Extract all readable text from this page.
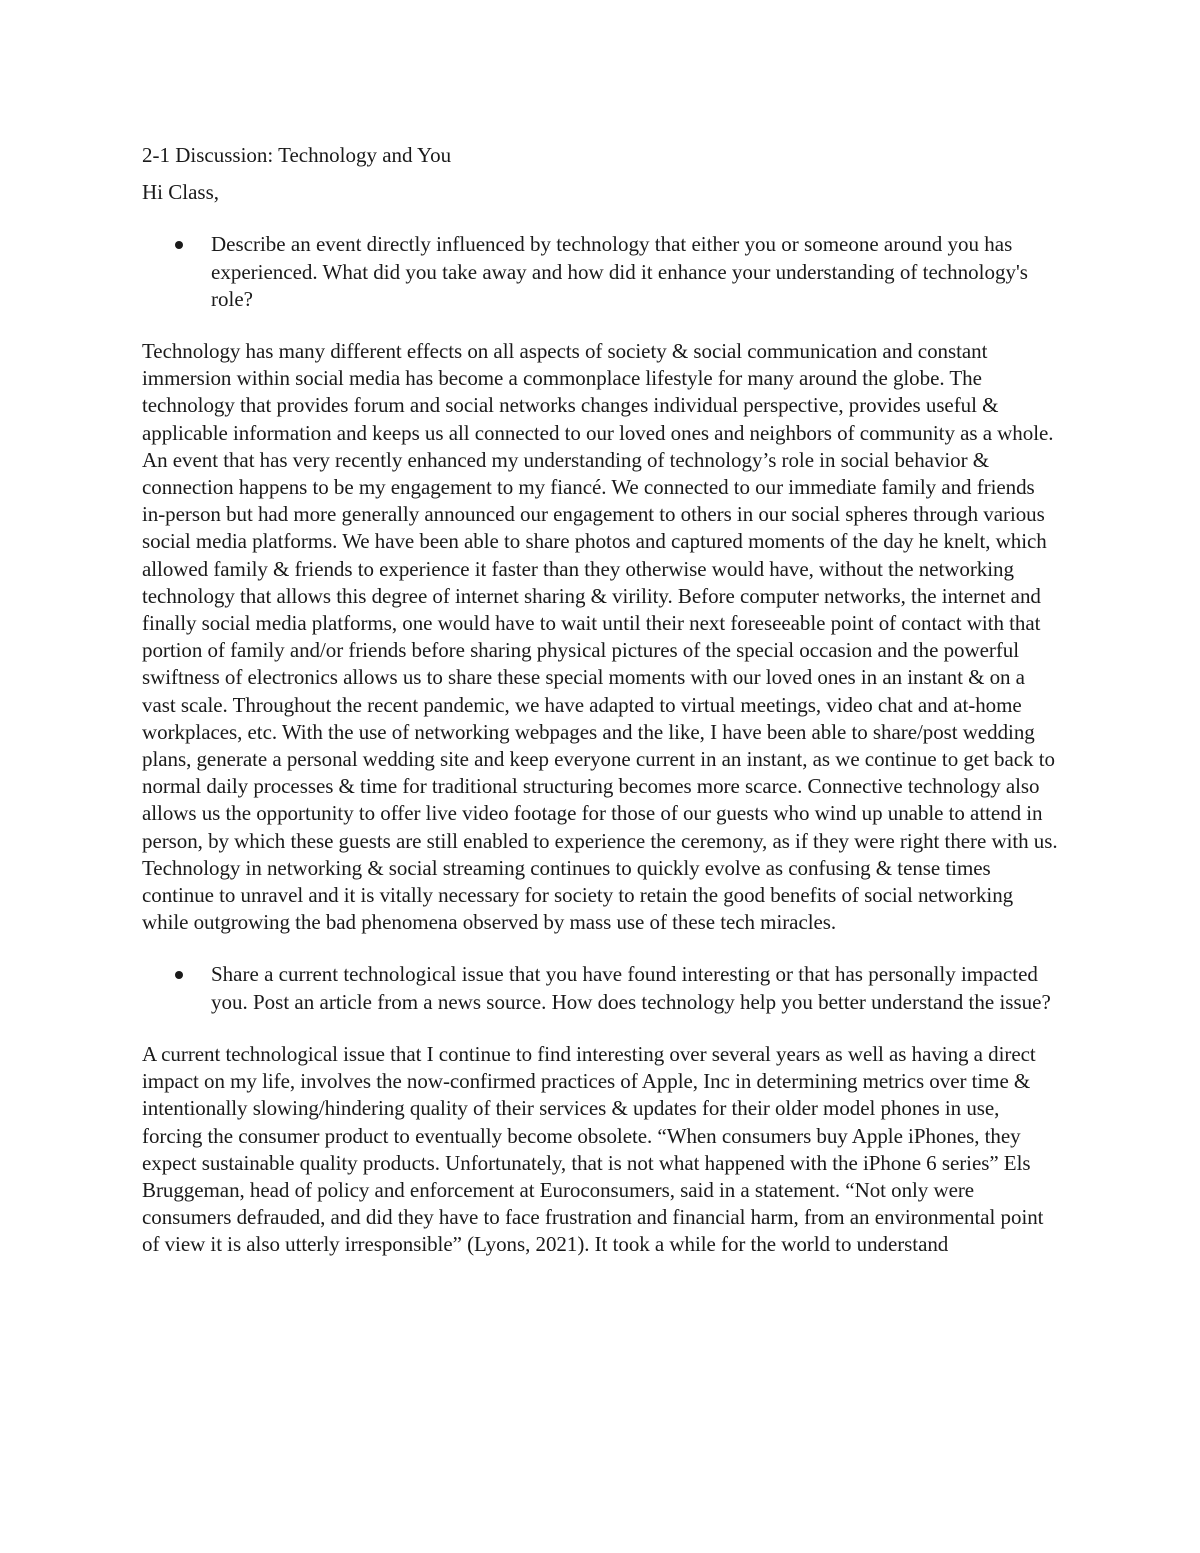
2-1 Discussion: Technology and You

Hi Class,

Describe an event directly influenced by technology that either you or someone around you has experienced. What did you take away and how did it enhance your understanding of technology's role?

Technology has many different effects on all aspects of society & social communication and constant immersion within social media has become a commonplace lifestyle for many around the globe. The technology that provides forum and social networks changes individual perspective, provides useful & applicable information and keeps us all connected to our loved ones and neighbors of community as a whole. An event that has very recently enhanced my understanding of technology’s role in social behavior & connection happens to be my engagement to my fiancé. We connected to our immediate family and friends in-person but had more generally announced our engagement to others in our social spheres through various social media platforms. We have been able to share photos and captured moments of the day he knelt, which allowed family & friends to experience it faster than they otherwise would have, without the networking technology that allows this degree of internet sharing & virility. Before computer networks, the internet and finally social media platforms, one would have to wait until their next foreseeable point of contact with that portion of family and/or friends before sharing physical pictures of the special occasion and the powerful swiftness of electronics allows us to share these special moments with our loved ones in an instant & on a vast scale. Throughout the recent pandemic, we have adapted to virtual meetings, video chat and at-home workplaces, etc. With the use of networking webpages and the like, I have been able to share/post wedding plans, generate a personal wedding site and keep everyone current in an instant, as we continue to get back to normal daily processes & time for traditional structuring becomes more scarce. Connective technology also allows us the opportunity to offer live video footage for those of our guests who wind up unable to attend in person, by which these guests are still enabled to experience the ceremony, as if they were right there with us. Technology in networking & social streaming continues to quickly evolve as confusing & tense times continue to unravel and it is vitally necessary for society to retain the good benefits of social networking while outgrowing the bad phenomena observed by mass use of these tech miracles.

Share a current technological issue that you have found interesting or that has personally impacted you. Post an article from a news source. How does technology help you better understand the issue?

A current technological issue that I continue to find interesting over several years as well as having a direct impact on my life, involves the now-confirmed practices of Apple, Inc in determining metrics over time & intentionally slowing/hindering quality of their services & updates for their older model phones in use, forcing the consumer product to eventually become obsolete. “When consumers buy Apple iPhones, they expect sustainable quality products. Unfortunately, that is not what happened with the iPhone 6 series” Els Bruggeman, head of policy and enforcement at Euroconsumers, said in a statement. “Not only were consumers defrauded, and did they have to face frustration and financial harm, from an environmental point of view it is also utterly irresponsible” (Lyons, 2021). It took a while for the world to understand
